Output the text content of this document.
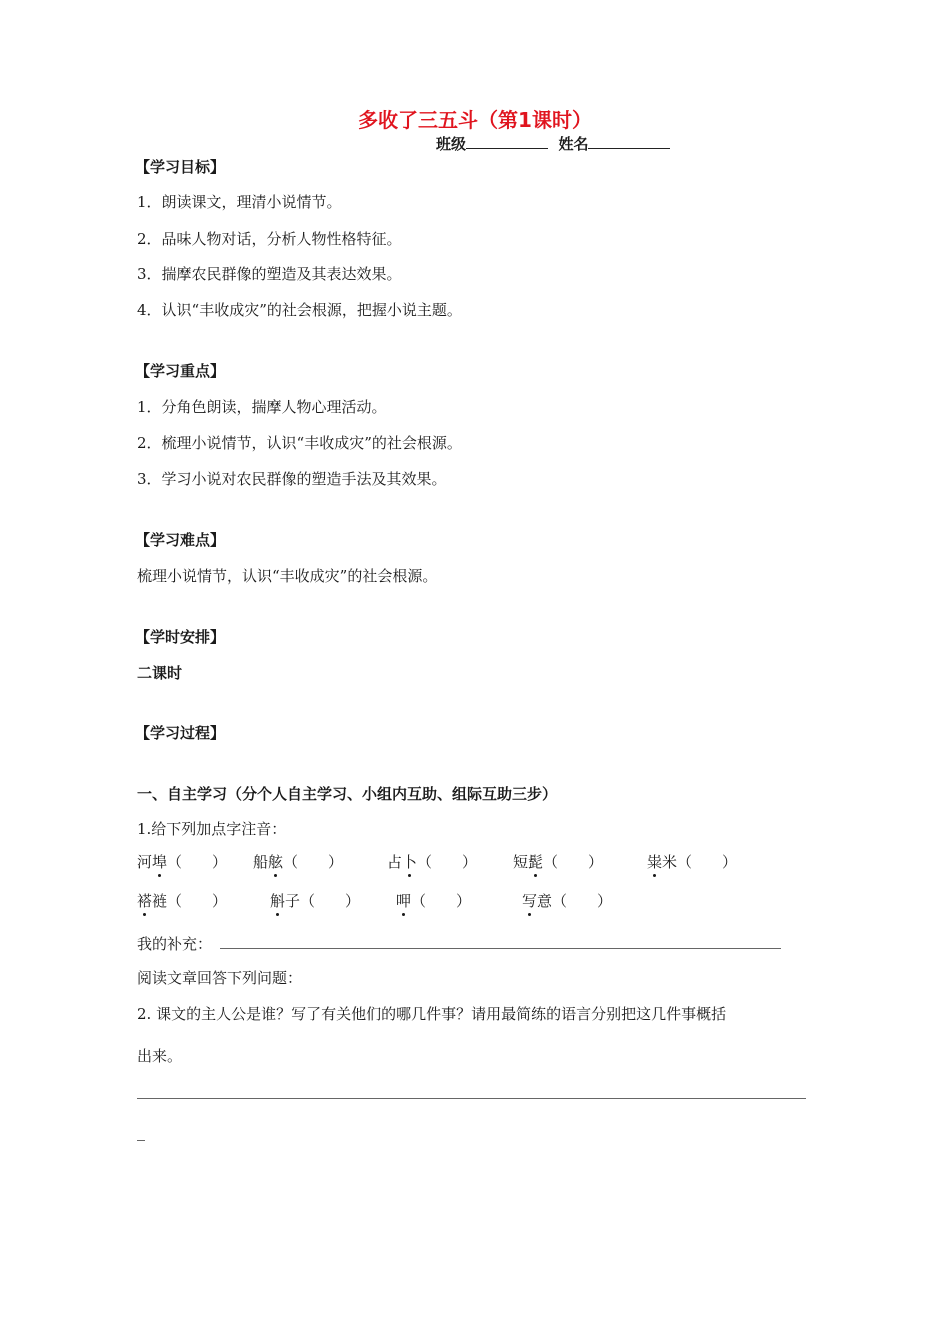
多收了三五斗（第1课时）
班级	姓名
【学习目标】
1．朗读课文，理清小说情节。
2．品味人物对话，分析人物性格特征。
3．揣摩农民群像的塑造及其表达效果。
4．认识“丰收成灾”的社会根源，把握小说主题。
【学习重点】
1．分角色朗读，揣摩人物心理活动。
2．梳理小说情节，认识“丰收成灾”的社会根源。
3．学习小说对农民群像的塑造手法及其效果。
【学习难点】
梳理小说情节，认识“丰收成灾”的社会根源。
【学时安排】
二课时
【学习过程】
一、自主学习（分个人自主学习、小组内互助、组际互助三步）
1.给下列加点字注音：
河埠（　　） 船舷（　　）	占卜（　　） 短髭（　　）	粜米（　　）
褡裢（　　）	斛子（　　） 呷（　　）	写意（　　）
我的补充：
阅读文章回答下列问题：
2. 课文的主人公是谁？写了有关他们的哪几件事？请用最简练的语言分别把这几件事概括
出来。
